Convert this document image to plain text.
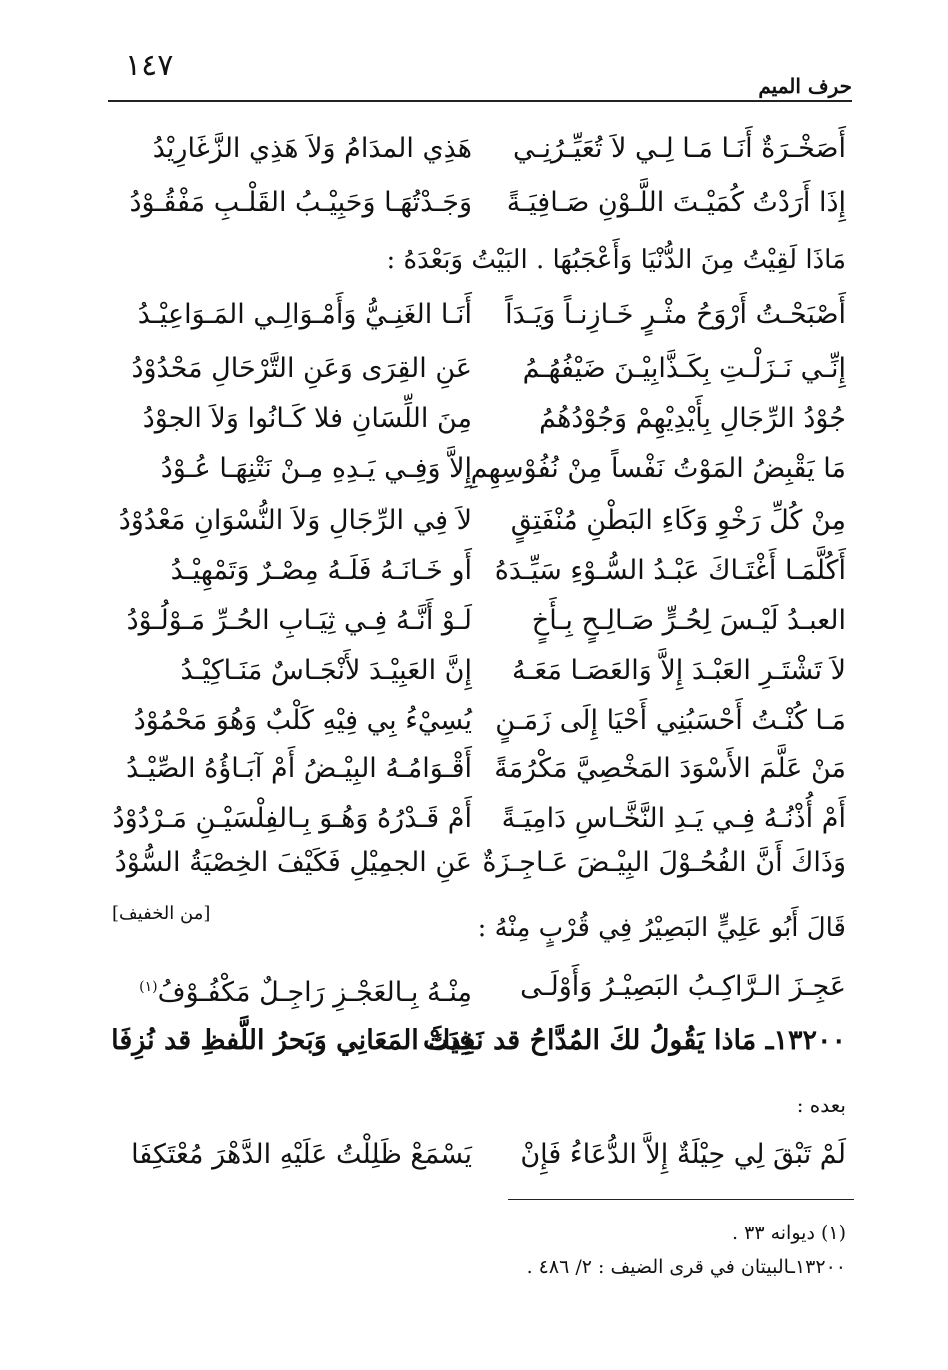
١٤٧
حرف الميم
أَصَخْـرَةٌ أَنَـا مَـا لِـي لاَ تُعَيِّـرُنِـي
هَذِي المدَامُ وَلاَ هَذِي الزَّغَارِيْدُ
إِذَا أَرَدْتُ كُمَيْـتَ اللَّـوْنِ صَـافِيَـةً
وَجَـدْتُهَـا وَحَبِيْـبُ القَلْـبِ مَفْقُـوْدُ
مَاذَا لَقِيْتُ مِنَ الدُّنْيَا وَأَعْجَبُهَا . البَيْتُ وَبَعْدَهُ :
أَصْبَحْـتُ أَرْوَحُ مثْـرٍ خَـازِنـاً وَيَـدَاً
أَنَـا الغَنِـيُّ وَأَمْـوَالِـي المَـوَاعِيْـدُ
إِنِّـي نَـزَلْـتِ بِكَـذَّابِيْـنَ ضَيْفُهُـمُ
عَنِ القِرَى وَعَنِ التَّرْحَالِ مَحْدُوْدُ
جُوْدُ الرِّجَالِ بِأَيْدِيْهِمْ وَجُوْدُهُمُ
مِنَ اللِّسَانِ فلا كَـانُوا وَلاَ الجوْدُ
مَا يَقْبِضُ المَوْتُ نَفْساً مِنْ نُفُوْسِهِمِ
إِلاَّ وَفِـي يَـدِهِ مِـنْ نَتْنِهَـا عُـوْدُ
مِنْ كُلِّ رَخْوِ وَكَاءِ البَطْنِ مُنْفَتِقٍ
لاَ فِي الرِّجَالِ وَلاَ النُّسْوَانِ مَعْدُوْدُ
أَكُلَّمَـا أَغْتَـاكَ عَبْـدُ السُّـوْءِ سَيِّـدَهُ
أَو خَـانَـهُ فَلَـهُ مِصْـرٌ وَتَمْهِيْـدُ
العبـدُ لَيْـسَ لِحُـرٍّ صَـالِـحٍ بِـأَخٍ
لَـوْ أَنَّـهُ فِـي ثِيَـابِ الحُـرِّ مَـوْلُـوْدُ
لاَ تَشْتَـرِ العَبْـدَ إِلاَّ وَالعَصَـا مَعَـهُ
إِنَّ العَبِيْـدَ لأَنْجَـاسٌ مَنَـاكِيْـدُ
مَـا كُنْـتُ أَحْسَبُنِي أَحْيَا إِلَى زَمَـنٍ
يُسِيْءُ بِي فِيْهِ كَلْبٌ وَهُوَ مَحْمُوْدُ
مَنْ عَلَّمَ الأَسْوَدَ المَخْصِيَّ مَكْرُمَةً
أَقْـوَامُـهُ البِيْـضُ أَمْ آبَـاؤُهُ الصِّيْـدُ
أَمْ أُذْنُـهُ فِـي يَـدِ النَّخَّـاسِ دَامِيَـةً
أَمْ قَـدْرُهُ وَهُـوَ بِـالفِلْسَيْـنِ مَـرْدُوْدُ
وَذَاكَ أَنَّ الفُحُـوْلَ البِيْـضَ عَـاجِـزَةٌ
عَنِ الجمِيْلِ فَكَيْفَ الخِصْيَةُ السُّوْدُ
[من الخفيف]	قَالَ أَبُو عَلِيٍّ البَصِيْرُ فِي قُرْبٍ مِنْهُ :
عَجِـزَ الـرَّاكِـبُ البَصِيْـرُ وَأَوْلَـى
مِنْـهُ بِـالعَجْـزِ رَاجِـلٌ مَكْفُـوْفُ$^{(١)}$
١٣٢٠٠ـ مَاذا يَقُولُ لكَ المُدَّاحُ قد نَفِدَتْ
فِيكَ المَعَانِي وَبَحرُ اللَّفظِ قد نُزِفَا
بعده :
لَمْ تَبْقَ لِي حِيْلَةٌ إِلاَّ الدُّعَاءُ فَإِنْ
يَسْمَعْ ظَلِلْتُ عَلَيْهِ الدَّهْرَ مُعْتَكِفَا
(١) ديوانه ٣٣ .
١٣٢٠٠ـالبيتان في قرى الضيف : ٢/ ٤٨٦ .
